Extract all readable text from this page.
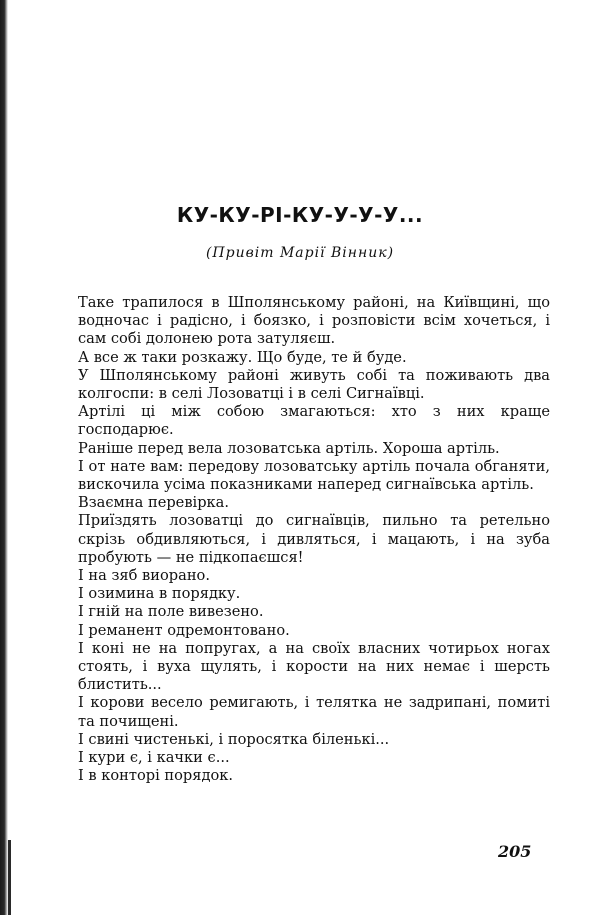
КУ-КУ-РІ-КУ-У-У-У...

(Привіт Марії Вінник)

Таке трапилося в Шполянському районі, на Київщині, що водночас і радісно, і боязко, і розповісти всім хочеться, і сам собі долонею рота затуляєш.

А все ж таки розкажу. Що буде, те й буде.

У Шполянському районі живуть собі та поживають два колгоспи: в селі Лозоватці і в селі Сигнаївці.

Артілі ці між собою змагаються: хто з них краще господарює.

Раніше перед вела лозоватська артіль. Хороша артіль.

І от нате вам: передову лозоватську артіль почала обганяти, вискочила усіма показниками наперед сигнаївська артіль.

Взаємна перевірка.

Приїздять лозоватці до сигнаївців, пильно та ретельно скрізь обдивляються, і дивляться, і мацають, і на зуба пробують — не підкопаєшся!

І на зяб виорано.

І озимина в порядку.

І гній на поле вивезено.

І реманент одремонтовано.

І коні не на попругах, а на своїх власних чотирьох ногах стоять, і вуха щулять, і корости на них немає і шерсть блистить...

І корови весело ремигають, і телятка не задрипані, помиті та почищені.

І свині чистенькі, і поросятка біленькі...

І кури є, і качки є...

І в конторі порядок.

205
